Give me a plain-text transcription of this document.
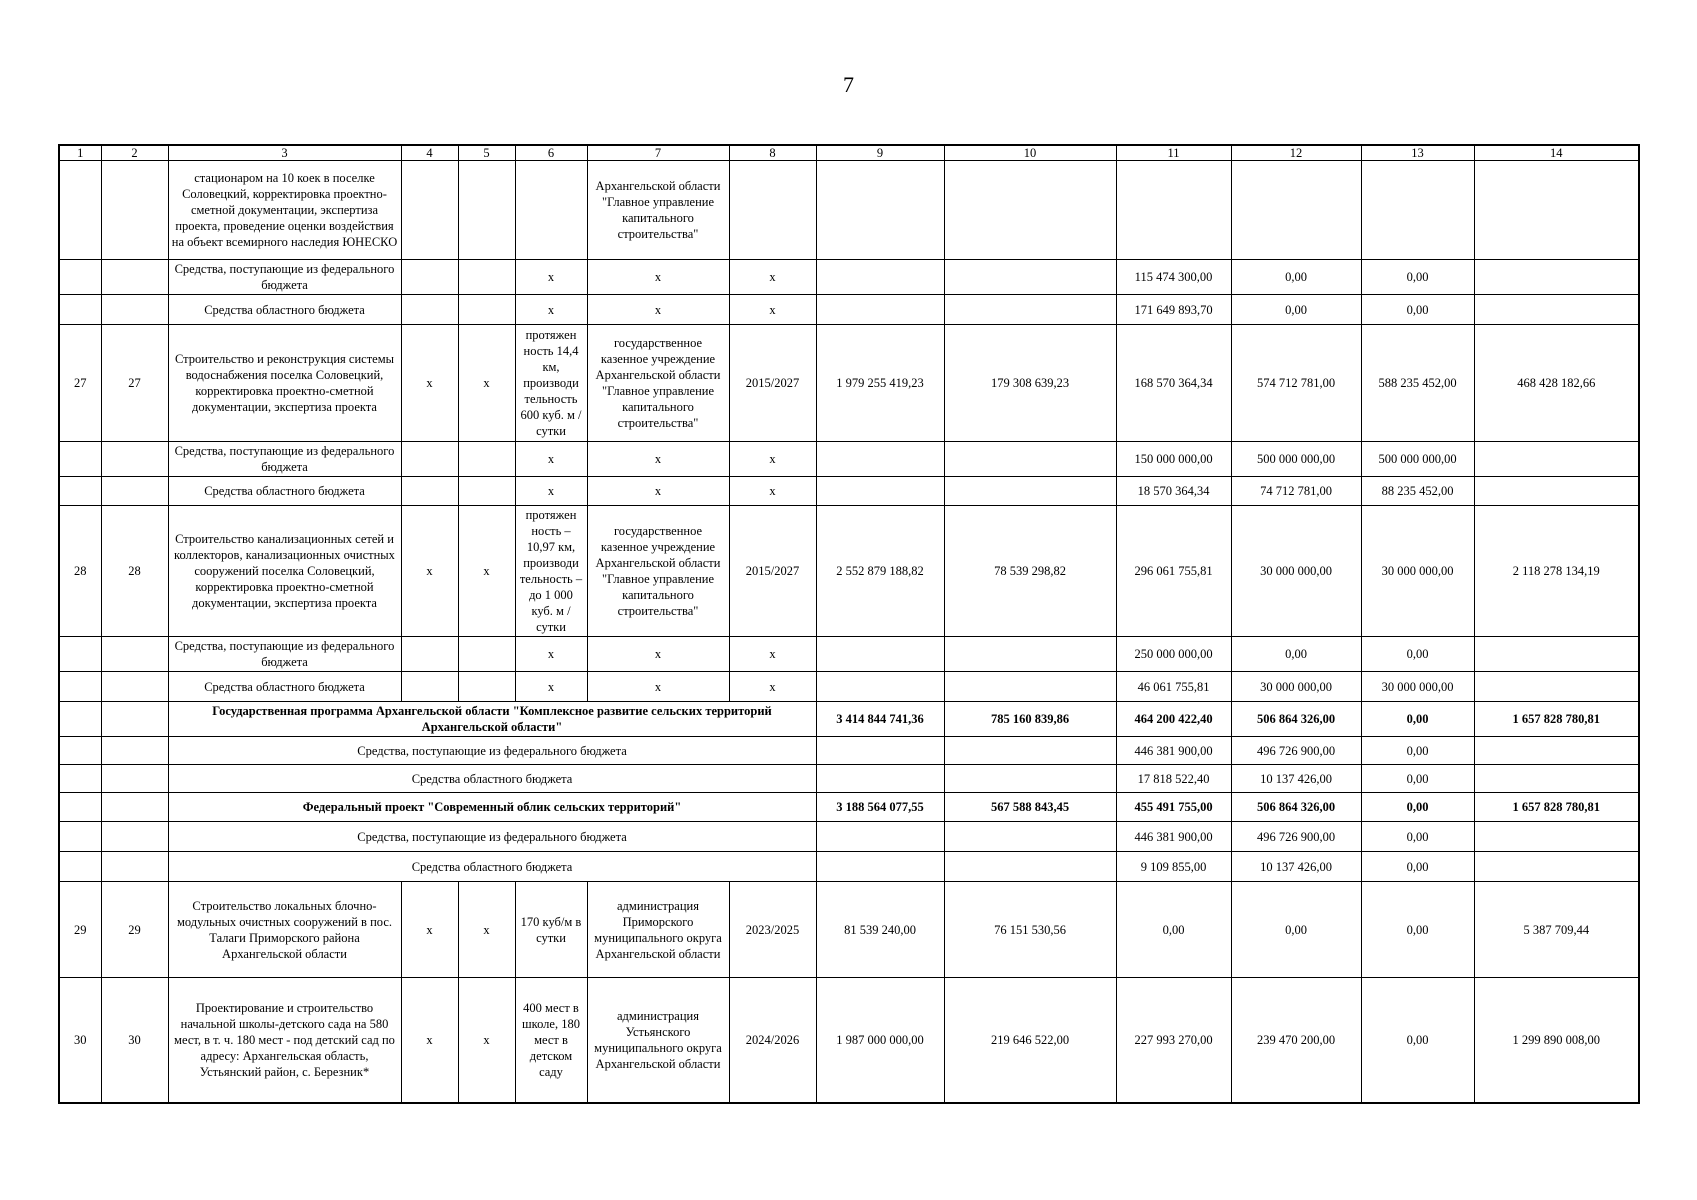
7
1	2	3	4	5	6	7	8	9	10	11	12	13	14
		стационаром на 10 коек в поселке Соловецкий, корректировка проектно-сметной документации, экспертиза проекта, проведение оценки воздействия на объект всемирного наследия ЮНЕСКО				Архангельской области "Главное управление капитального строительства"							
		Средства, поступающие из федерального бюджета			х	х	х			115 474 300,00	0,00	0,00	
		Средства областного бюджета			х	х	х			171 649 893,70	0,00	0,00	
27	27	Строительство и реконструкция системы водоснабжения поселка Соловецкий, корректировка проектно-сметной документации, экспертиза проекта	х	х	протяжен ность 14,4 км, производи тельность 600 куб. м / сутки	государственное казенное учреждение Архангельской области "Главное управление капитального строительства"	2015/2027	1 979 255 419,23	179 308 639,23	168 570 364,34	574 712 781,00	588 235 452,00	468 428 182,66
		Средства, поступающие из федерального бюджета			х	х	х			150 000 000,00	500 000 000,00	500 000 000,00	
		Средства областного бюджета			х	х	х			18 570 364,34	74 712 781,00	88 235 452,00	
28	28	Строительство канализационных сетей и коллекторов, канализационных очистных сооружений поселка Соловецкий, корректировка проектно-сметной документации, экспертиза проекта	х	х	протяжен ность – 10,97 км, производи тельность – до 1 000 куб. м / сутки	государственное казенное учреждение Архангельской области "Главное управление капитального строительства"	2015/2027	2 552 879 188,82	78 539 298,82	296 061 755,81	30 000 000,00	30 000 000,00	2 118 278 134,19
		Средства, поступающие из федерального бюджета			х	х	х			250 000 000,00	0,00	0,00	
		Средства областного бюджета			х	х	х			46 061 755,81	30 000 000,00	30 000 000,00	
		Государственная программа Архангельской области "Комплексное развитие сельских территорий Архангельской области"						3 414 844 741,36	785 160 839,86	464 200 422,40	506 864 326,00	0,00	1 657 828 780,81
		Средства, поступающие из федерального бюджета								446 381 900,00	496 726 900,00	0,00	
		Средства областного бюджета								17 818 522,40	10 137 426,00	0,00	
		Федеральный проект "Современный облик сельских территорий"						3 188 564 077,55	567 588 843,45	455 491 755,00	506 864 326,00	0,00	1 657 828 780,81
		Средства, поступающие из федерального бюджета								446 381 900,00	496 726 900,00	0,00	
		Средства областного бюджета								9 109 855,00	10 137 426,00	0,00	
29	29	Строительство локальных блочно-модульных очистных сооружений в пос. Талаги Приморского района Архангельской области	х	х	170 куб/м в сутки	администрация Приморского муниципального округа Архангельской области	2023/2025	81 539 240,00	76 151 530,56	0,00	0,00	0,00	5 387 709,44
30	30	Проектирование и строительство начальной школы-детского сада на 580 мест, в т. ч. 180 мест - под детский сад по адресу: Архангельская область, Устьянский район, с. Березник*	х	х	400 мест в школе, 180 мест в детском саду	администрация Устьянского муниципального округа Архангельской области	2024/2026	1 987 000 000,00	219 646 522,00	227 993 270,00	239 470 200,00	0,00	1 299 890 008,00
